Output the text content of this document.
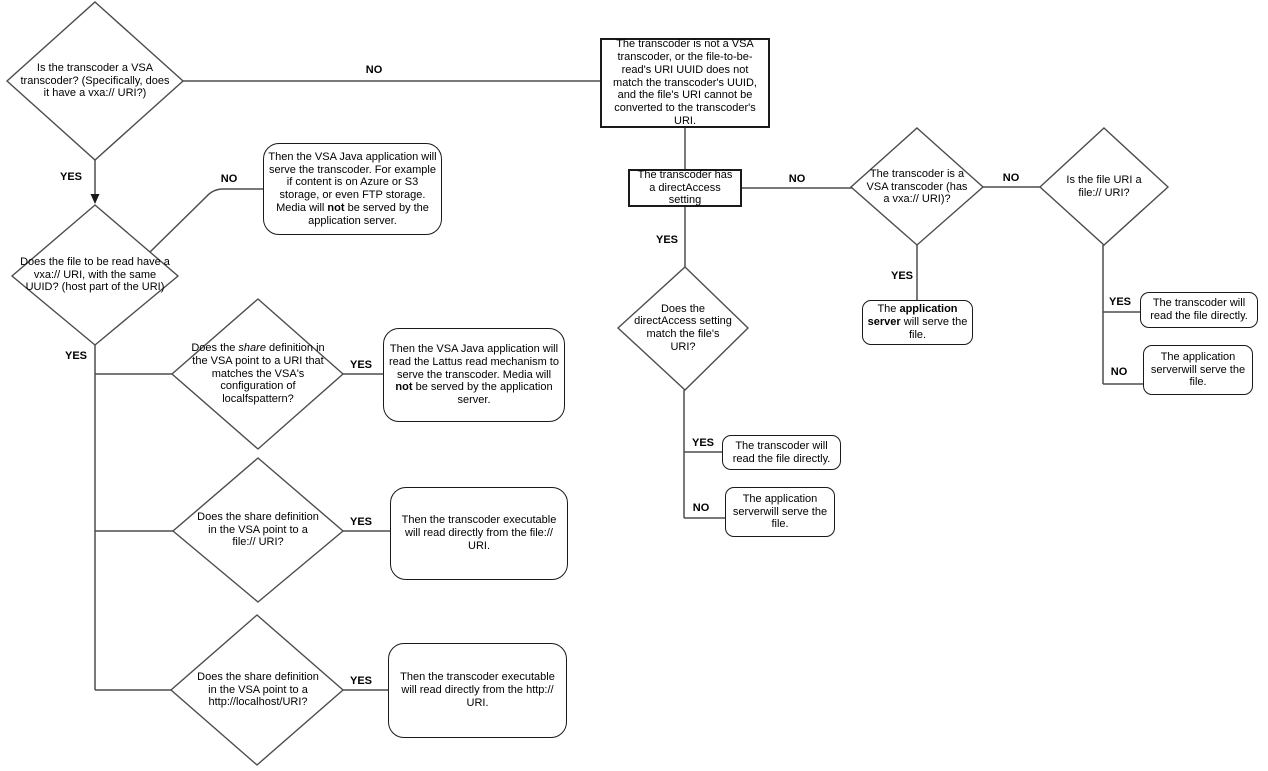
Is the transcoder a VSA transcoder? (Specifically, does it have a vxa:// URI?)
Does the file to be read have a vxa:// URI, with the same UUID? (host part of the URI)
Does the share definition in the VSA point to a URI that matches the VSA's configuration of localfspattern?
Does the share definition in the VSA point to a file:// URI?
Does the share definition in the VSA point to a http://localhost/URI?
Does the directAccess setting match the file's URI?
The transcoder is a VSA transcoder (has a vxa:// URI)?
Is the file URI a file:// URI?
The transcoder is not a VSA transcoder, or the file-to-be-read's URI UUID does not match the transcoder's UUID, and the file's URI cannot be converted to the transcoder's URI.
The transcoder has a directAccess setting
Then the VSA Java application will serve the transcoder. For example if content is on Azure or S3 storage, or even FTP storage. Media will not be served by the application server.
Then the VSA Java application will read the Lattus read mechanism to serve the transcoder. Media will not be served by the application server.
Then the transcoder executable will read directly from the file:// URI.
Then the transcoder executable will read directly from the http:// URI.
The application server will serve the file.
The transcoder will read the file directly.
The application serverwill serve the file.
The transcoder will read the file directly.
The application serverwill serve the file.
NO
YES	NO
YES
YES
YES
YES
YES
NO
YES
NO
YES
NO
YES
NO
